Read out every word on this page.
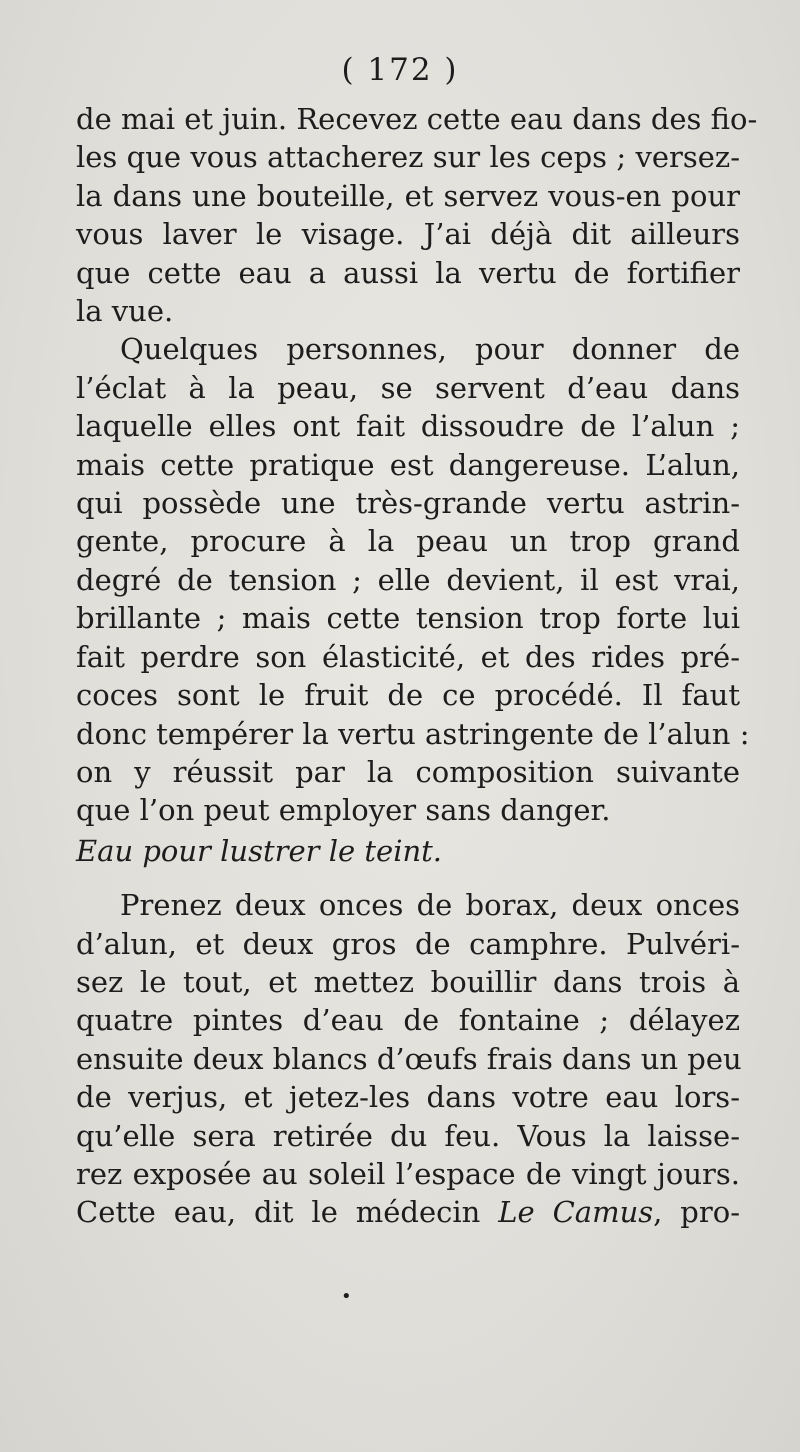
( 172 )

de mai et juin. Recevez cette eau dans des fio-
les que vous attacherez sur les ceps ; versez-
la dans une bouteille, et servez vous-en pour
vous laver le visage. J’ai déjà dit ailleurs
que cette eau a aussi la vertu de fortifier
la vue.

Quelques personnes, pour donner de
l’éclat à la peau, se servent d’eau dans
laquelle elles ont fait dissoudre de l’alun ;
mais cette pratique est dangereuse. L’alun,
qui possède une très-grande vertu astrin-
gente, procure à la peau un trop grand
degré de tension ; elle devient, il est vrai,
brillante ; mais cette tension trop forte lui
fait perdre son élasticité, et des rides pré-
coces sont le fruit de ce procédé. Il faut
donc tempérer la vertu astringente de l’alun :
on y réussit par la composition suivante
que l’on peut employer sans danger.

Eau pour lustrer le teint.

Prenez deux onces de borax, deux onces
d’alun, et deux gros de camphre. Pulvéri-
sez le tout, et mettez bouillir dans trois à
quatre pintes d’eau de fontaine ; délayez
ensuite deux blancs d’œufs frais dans un peu
de verjus, et jetez-les dans votre eau lors-
qu’elle sera retirée du feu. Vous la laisse-
rez exposée au soleil l’espace de vingt jours.
Cette eau, dit le médecin Le Camus, pro-

•
